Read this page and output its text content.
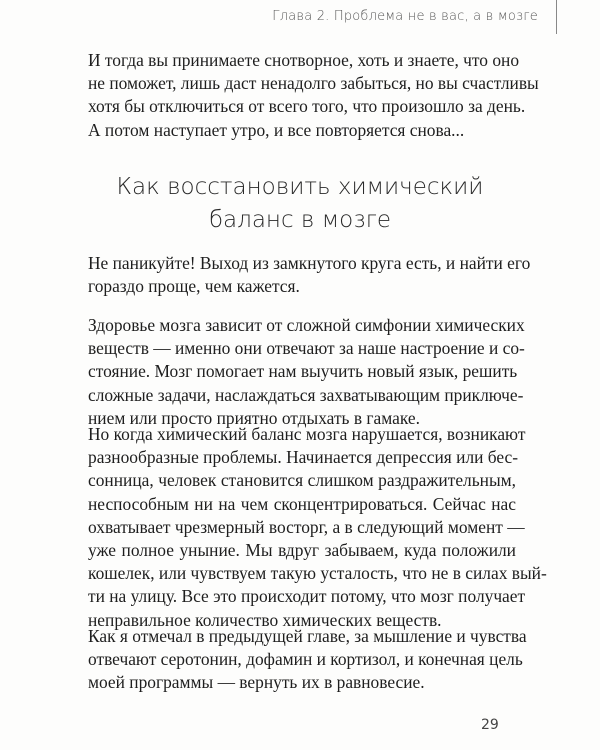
Глава 2. Проблема не в вас, а в мозге
И тогда вы принимаете снотворное, хоть и знаете, что оно
не поможет, лишь даст ненадолго забыться, но вы счастливы
хотя бы отключиться от всего того, что произошло за день.
А потом наступает утро, и все повторяется снова...
Как восстановить химический
баланс в мозге
Не паникуйте! Выход из замкнутого круга есть, и найти его
гораздо проще, чем кажется.
Здоровье мозга зависит от сложной симфонии химических
веществ — именно они отвечают за наше настроение и со-
стояние. Мозг помогает нам выучить новый язык, решить
сложные задачи, наслаждаться захватывающим приключе-
нием или просто приятно отдыхать в гамаке.
Но когда химический баланс мозга нарушается, возникают
разнообразные проблемы. Начинается депрессия или бес-
сонница, человек становится слишком раздражительным,
неспособным ни на чем сконцентрироваться. Сейчас нас
охватывает чрезмерный восторг, а в следующий момент —
уже полное уныние. Мы вдруг забываем, куда положили
кошелек, или чувствуем такую усталость, что не в силах вый-
ти на улицу. Все это происходит потому, что мозг получает
неправильное количество химических веществ.
Как я отмечал в предыдущей главе, за мышление и чувства
отвечают серотонин, дофамин и кортизол, и конечная цель
моей программы — вернуть их в равновесие.
29
